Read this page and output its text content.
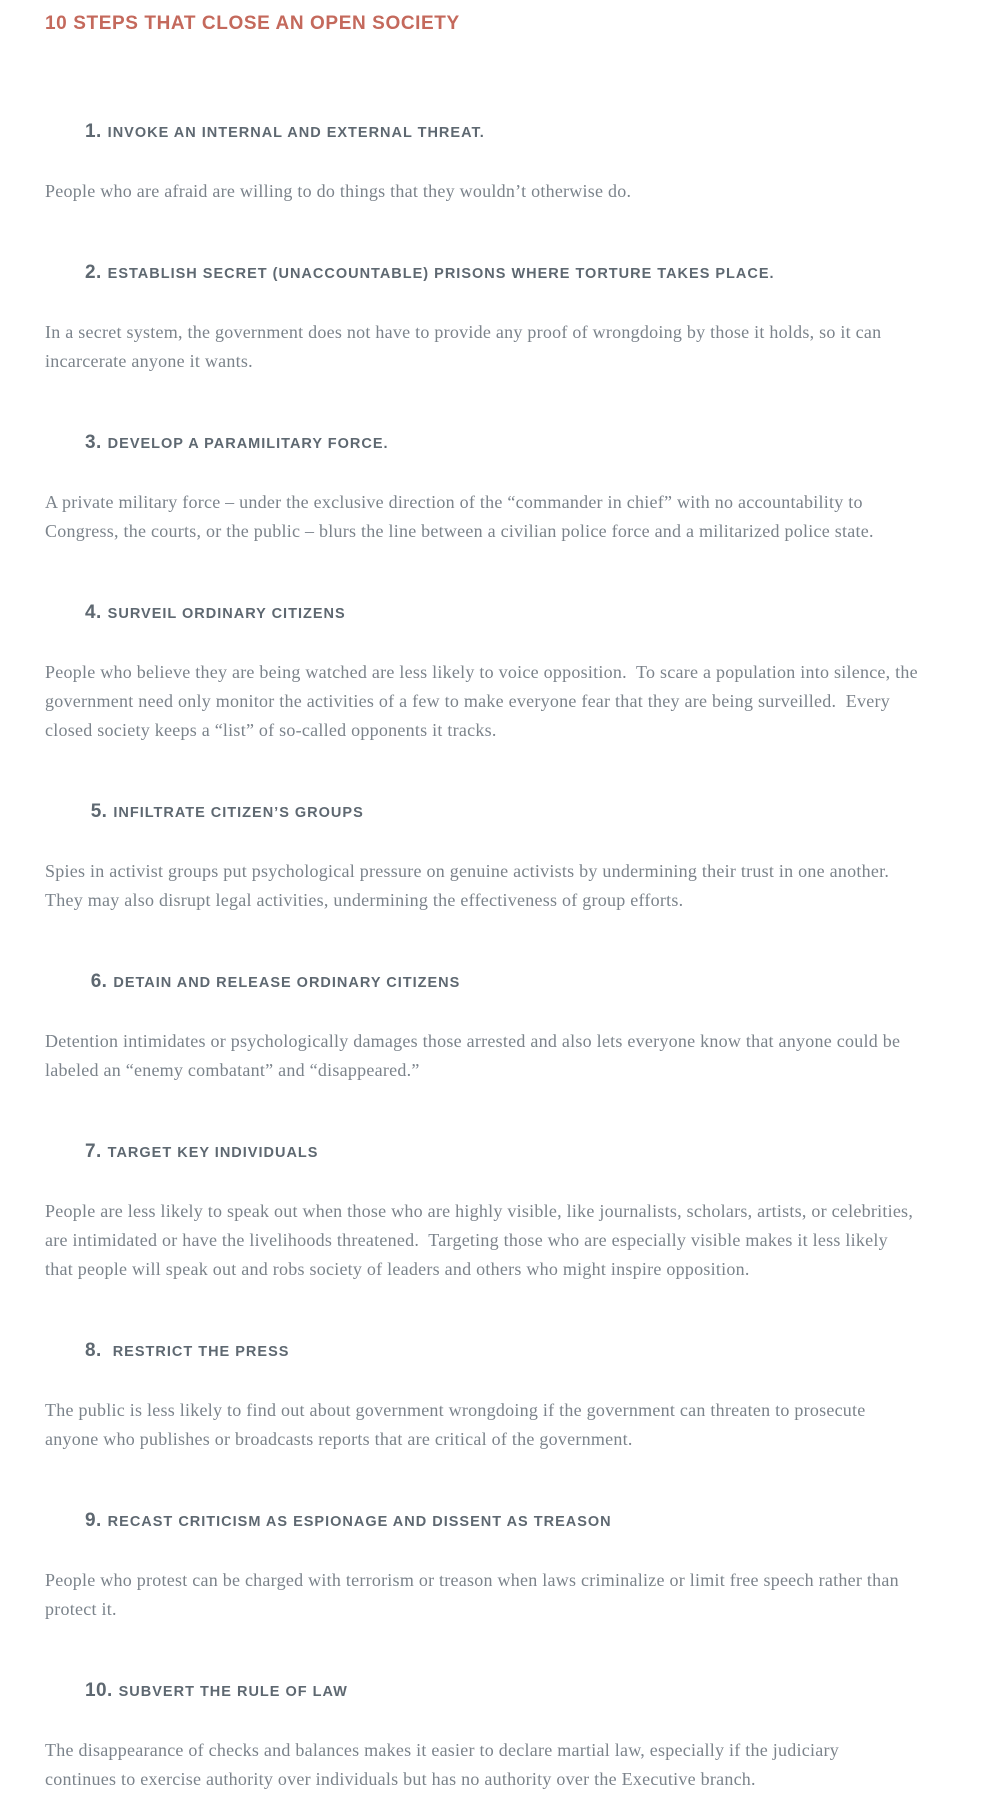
10 STEPS THAT CLOSE AN OPEN SOCIETY

1. INVOKE AN INTERNAL AND EXTERNAL THREAT.

People who are afraid are willing to do things that they wouldn’t otherwise do.

2. ESTABLISH SECRET (UNACCOUNTABLE) PRISONS WHERE TORTURE TAKES PLACE.

In a secret system, the government does not have to provide any proof of wrongdoing by those it holds, so it can
incarcerate anyone it wants.

3. DEVELOP A PARAMILITARY FORCE.

A private military force – under the exclusive direction of the “commander in chief” with no accountability to
Congress, the courts, or the public – blurs the line between a civilian police force and a militarized police state.

4. SURVEIL ORDINARY CITIZENS

People who believe they are being watched are less likely to voice opposition.  To scare a population into silence, the
government need only monitor the activities of a few to make everyone fear that they are being surveilled.  Every
closed society keeps a “list” of so-called opponents it tracks.

5. INFILTRATE CITIZEN’S GROUPS

Spies in activist groups put psychological pressure on genuine activists by undermining their trust in one another.
They may also disrupt legal activities, undermining the effectiveness of group efforts.

6. DETAIN AND RELEASE ORDINARY CITIZENS

Detention intimidates or psychologically damages those arrested and also lets everyone know that anyone could be
labeled an “enemy combatant” and “disappeared.”

7. TARGET KEY INDIVIDUALS

People are less likely to speak out when those who are highly visible, like journalists, scholars, artists, or celebrities,
are intimidated or have the livelihoods threatened.  Targeting those who are especially visible makes it less likely
that people will speak out and robs society of leaders and others who might inspire opposition.

8. RESTRICT THE PRESS

The public is less likely to find out about government wrongdoing if the government can threaten to prosecute
anyone who publishes or broadcasts reports that are critical of the government.

9. RECAST CRITICISM AS ESPIONAGE AND DISSENT AS TREASON

People who protest can be charged with terrorism or treason when laws criminalize or limit free speech rather than
protect it.

10. SUBVERT THE RULE OF LAW

The disappearance of checks and balances makes it easier to declare martial law, especially if the judiciary
continues to exercise authority over individuals but has no authority over the Executive branch.
